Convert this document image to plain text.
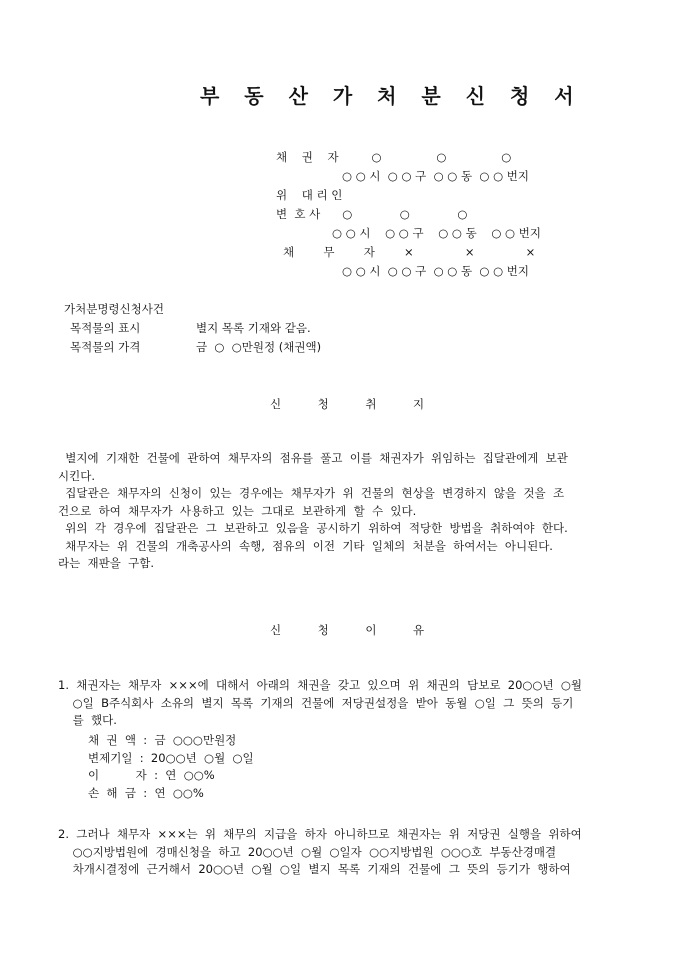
부 동 산 가 처 분 신 청 서
채    권    자         ○               ○               ○
○ ○ 시  ○ ○ 구  ○ ○ 동  ○ ○ 번지
위    대 리 인
변  호 사      ○             ○             ○
○ ○ 시    ○ ○ 구    ○ ○ 동    ○ ○ 번지
채        무        자        ×              ×              ×
○ ○ 시  ○ ○ 구  ○ ○ 동  ○ ○ 번지
가처분명령신청사건
목적물의 표시	별지 목록 기재와 같음.
목적물의 가격	금  ○  ○만원정 (채권액)
신          청          취          지
별지에  기재한  건물에  관하여  채무자의  점유를  풀고  이를  채권자가  위임하는  집달관에게  보관
시킨다.
집달관은  채무자의  신청이  있는  경우에는  채무자가  위  건물의  현상을  변경하지  않을  것을  조
건으로  하여  채무자가  사용하고  있는  그대로  보관하게  할  수  있다.
위의  각  경우에  집달관은  그  보관하고  있음을  공시하기  위하여  적당한  방법을  취하여야  한다.
채무자는  위  건물의  개축공사의  속행,  점유의  이전  기타  일체의  처분을  하여서는  아니된다.
라는  재판을  구함.
신          청          이          유
1.  채권자는  채무자  ×××에  대해서  아래의  채권을  갖고  있으며  위  채권의  담보로  20○○년  ○월
○일  B주식회사  소유의  별지  목록  기재의  건물에  저당권설정을  받아  동월  ○일  그  뜻의  등기
를  했다.
채  권  액  :  금  ○○○만원정
변제기일  :  20○○년  ○월  ○일
이          자  :  연  ○○%
손  해  금  :  연  ○○%
2.  그러나  채무자  ×××는  위  채무의  지급을  하자  아니하므로  채권자는  위  저당권  실행을  위하여
○○지방법원에  경매신청을  하고  20○○년  ○월  ○일자  ○○지방법원  ○○○호  부동산경매결
차개시결정에  근거해서  20○○년  ○월  ○일  별지  목록  기재의  건물에  그  뜻의  등기가  행하여
